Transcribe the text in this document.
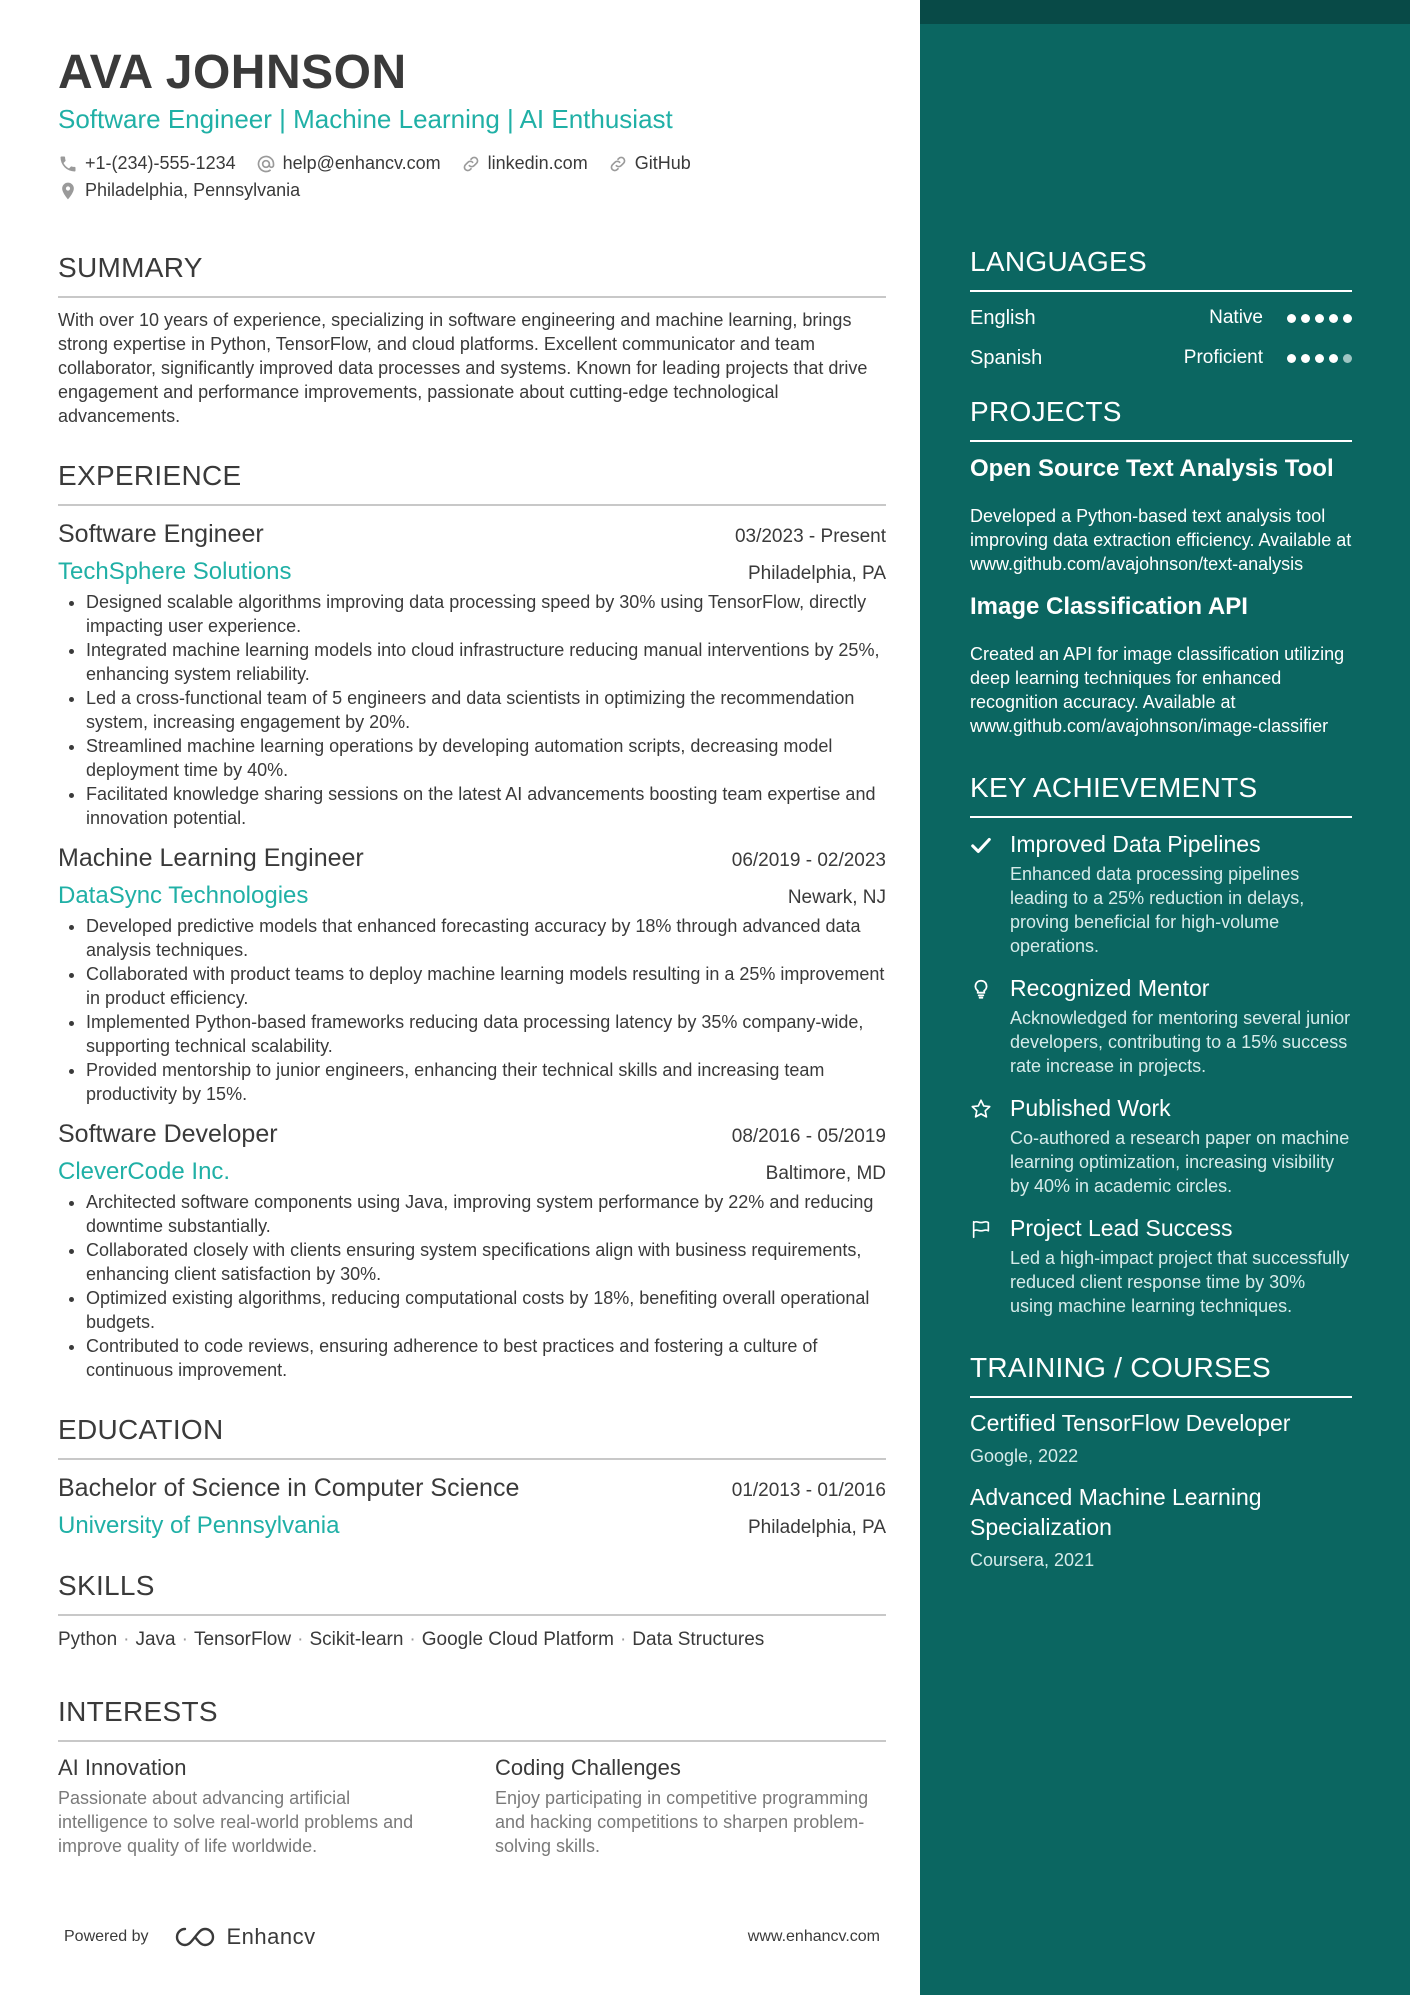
AVA JOHNSON
Software Engineer | Machine Learning | AI Enthusiast
+1-(234)-555-1234	help@enhancv.com	linkedin.com	GitHub
Philadelphia, Pennsylvania
SUMMARY
With over 10 years of experience, specializing in software engineering and machine learning, brings strong expertise in Python, TensorFlow, and cloud platforms. Excellent communicator and team collaborator, significantly improved data processes and systems. Known for leading projects that drive engagement and performance improvements, passionate about cutting-edge technological advancements.
EXPERIENCE
Software Engineer	03/2023 - Present
TechSphere Solutions	Philadelphia, PA
• Designed scalable algorithms improving data processing speed by 30% using TensorFlow, directly impacting user experience.
• Integrated machine learning models into cloud infrastructure reducing manual interventions by 25%, enhancing system reliability.
• Led a cross-functional team of 5 engineers and data scientists in optimizing the recommendation system, increasing engagement by 20%.
• Streamlined machine learning operations by developing automation scripts, decreasing model deployment time by 40%.
• Facilitated knowledge sharing sessions on the latest AI advancements boosting team expertise and innovation potential.
Machine Learning Engineer	06/2019 - 02/2023
DataSync Technologies	Newark, NJ
• Developed predictive models that enhanced forecasting accuracy by 18% through advanced data analysis techniques.
• Collaborated with product teams to deploy machine learning models resulting in a 25% improvement in product efficiency.
• Implemented Python-based frameworks reducing data processing latency by 35% company-wide, supporting technical scalability.
• Provided mentorship to junior engineers, enhancing their technical skills and increasing team productivity by 15%.
Software Developer	08/2016 - 05/2019
CleverCode Inc.	Baltimore, MD
• Architected software components using Java, improving system performance by 22% and reducing downtime substantially.
• Collaborated closely with clients ensuring system specifications align with business requirements, enhancing client satisfaction by 30%.
• Optimized existing algorithms, reducing computational costs by 18%, benefiting overall operational budgets.
• Contributed to code reviews, ensuring adherence to best practices and fostering a culture of continuous improvement.
EDUCATION
Bachelor of Science in Computer Science	01/2013 - 01/2016
University of Pennsylvania	Philadelphia, PA
SKILLS
Python · Java · TensorFlow · Scikit-learn · Google Cloud Platform · Data Structures
INTERESTS
AI Innovation
Passionate about advancing artificial intelligence to solve real-world problems and improve quality of life worldwide.
Coding Challenges
Enjoy participating in competitive programming and hacking competitions to sharpen problem-solving skills.
Powered by	Enhancv	www.enhancv.com
LANGUAGES
English	Native
Spanish	Proficient
PROJECTS
Open Source Text Analysis Tool
Developed a Python-based text analysis tool improving data extraction efficiency. Available at www.github.com/avajohnson/text-analysis
Image Classification API
Created an API for image classification utilizing deep learning techniques for enhanced recognition accuracy. Available at www.github.com/avajohnson/image-classifier
KEY ACHIEVEMENTS
Improved Data Pipelines
Enhanced data processing pipelines leading to a 25% reduction in delays, proving beneficial for high-volume operations.
Recognized Mentor
Acknowledged for mentoring several junior developers, contributing to a 15% success rate increase in projects.
Published Work
Co-authored a research paper on machine learning optimization, increasing visibility by 40% in academic circles.
Project Lead Success
Led a high-impact project that successfully reduced client response time by 30% using machine learning techniques.
TRAINING / COURSES
Certified TensorFlow Developer
Google, 2022
Advanced Machine Learning Specialization
Coursera, 2021
